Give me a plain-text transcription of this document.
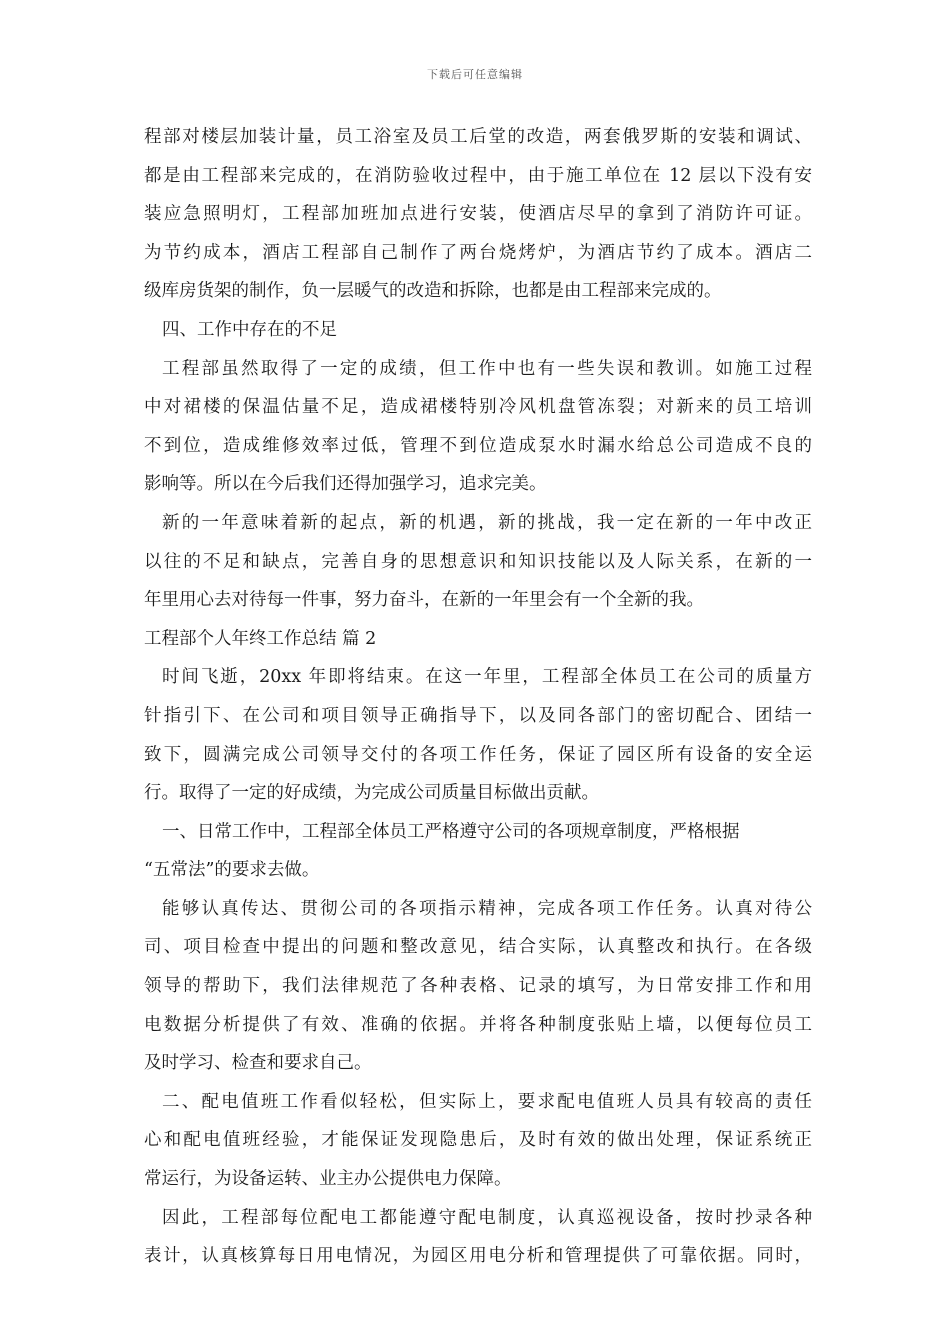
下载后可任意编辑
程部对楼层加装计量，员工浴室及员工后堂的改造，两套俄罗斯的安装和调试、
都是由工程部来完成的，在消防验收过程中，由于施工单位在 12 层以下没有安
装应急照明灯，工程部加班加点进行安装，使酒店尽早的拿到了消防许可证。
为节约成本，酒店工程部自己制作了两台烧烤炉，为酒店节约了成本。酒店二
级库房货架的制作，负一层暖气的改造和拆除，也都是由工程部来完成的。
四、工作中存在的不足
工程部虽然取得了一定的成绩，但工作中也有一些失误和教训。如施工过程
中对裙楼的保温估量不足，造成裙楼特别冷风机盘管冻裂；对新来的员工培训
不到位，造成维修效率过低，管理不到位造成泵水时漏水给总公司造成不良的
影响等。所以在今后我们还得加强学习，追求完美。
新的一年意味着新的起点，新的机遇，新的挑战，我一定在新的一年中改正
以往的不足和缺点，完善自身的思想意识和知识技能以及人际关系，在新的一
年里用心去对待每一件事，努力奋斗，在新的一年里会有一个全新的我。
工程部个人年终工作总结 篇 2
时间飞逝，20xx 年即将结束。在这一年里，工程部全体员工在公司的质量方
针指引下、在公司和项目领导正确指导下，以及同各部门的密切配合、团结一
致下，圆满完成公司领导交付的各项工作任务，保证了园区所有设备的安全运
行。取得了一定的好成绩，为完成公司质量目标做出贡献。
一、日常工作中，工程部全体员工严格遵守公司的各项规章制度，严格根据
“五常法”的要求去做。
能够认真传达、贯彻公司的各项指示精神，完成各项工作任务。认真对待公
司、项目检查中提出的问题和整改意见，结合实际，认真整改和执行。在各级
领导的帮助下，我们法律规范了各种表格、记录的填写，为日常安排工作和用
电数据分析提供了有效、准确的依据。并将各种制度张贴上墙，以便每位员工
及时学习、检查和要求自己。
二、配电值班工作看似轻松，但实际上，要求配电值班人员具有较高的责任
心和配电值班经验，才能保证发现隐患后，及时有效的做出处理，保证系统正
常运行，为设备运转、业主办公提供电力保障。
因此，工程部每位配电工都能遵守配电制度，认真巡视设备，按时抄录各种
表计，认真核算每日用电情况，为园区用电分析和管理提供了可靠依据。同时，
